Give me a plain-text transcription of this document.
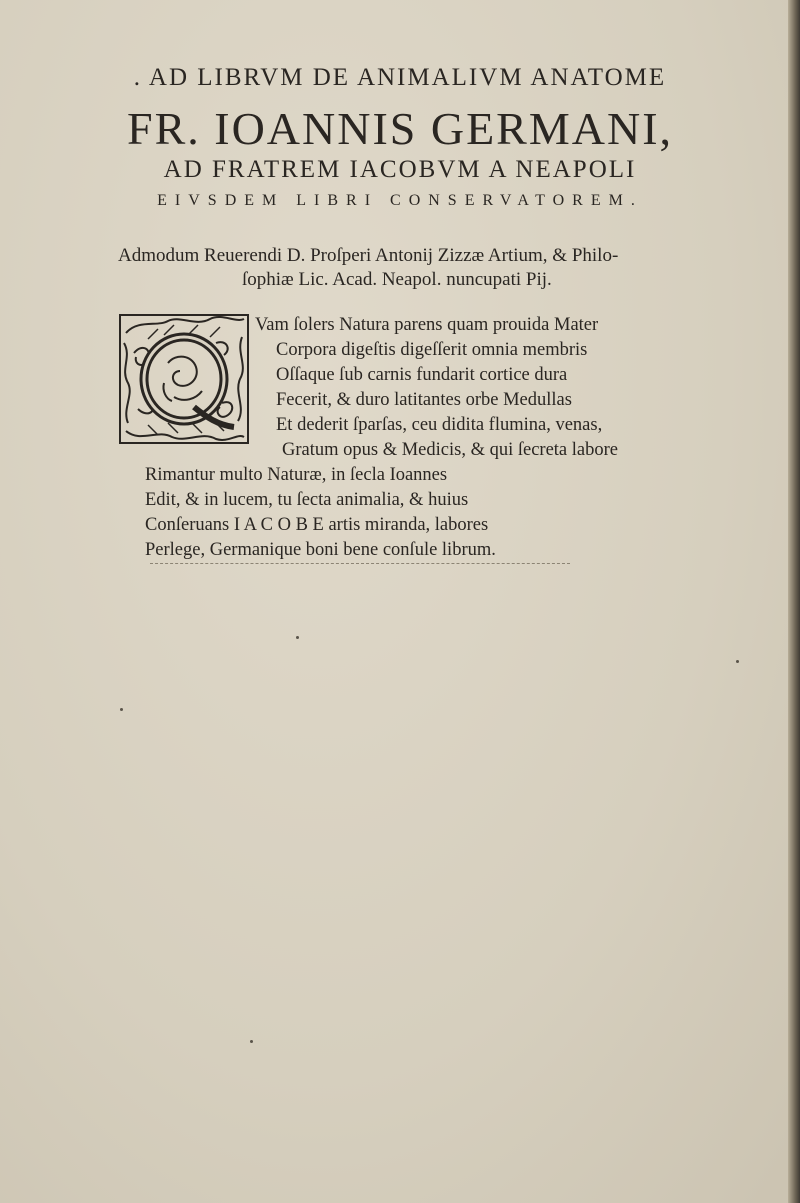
. AD LIBRVM DE ANIMALIVM ANATOME
FR. IOANNIS GERMANI,
AD FRATREM IACOBVM A NEAPOLI
EIVSDEM LIBRI CONSERVATOREM.
Admodum Reuerendi D. Proſperi Antonij Zizzæ Artium, & Philo-
ſophiæ Lic. Acad. Neapol. nuncupati Pij.
Vam ſolers Natura parens quam prouida Mater
Corpora digeſtis digeſſerit omnia membris
Oſſaque ſub carnis fundarit cortice dura
Fecerit, & duro latitantes orbe Medullas
Et dederit ſparſas, ceu didita flumina, venas,
Gratum opus & Medicis, & qui ſecreta labore
Rimantur multo Naturæ, in ſecla Ioannes
Edit, & in lucem, tu ſecta animalia, & huius
Conſeruans I A C O B E artis miranda, labores
Perlege, Germanique boni bene conſule librum.
